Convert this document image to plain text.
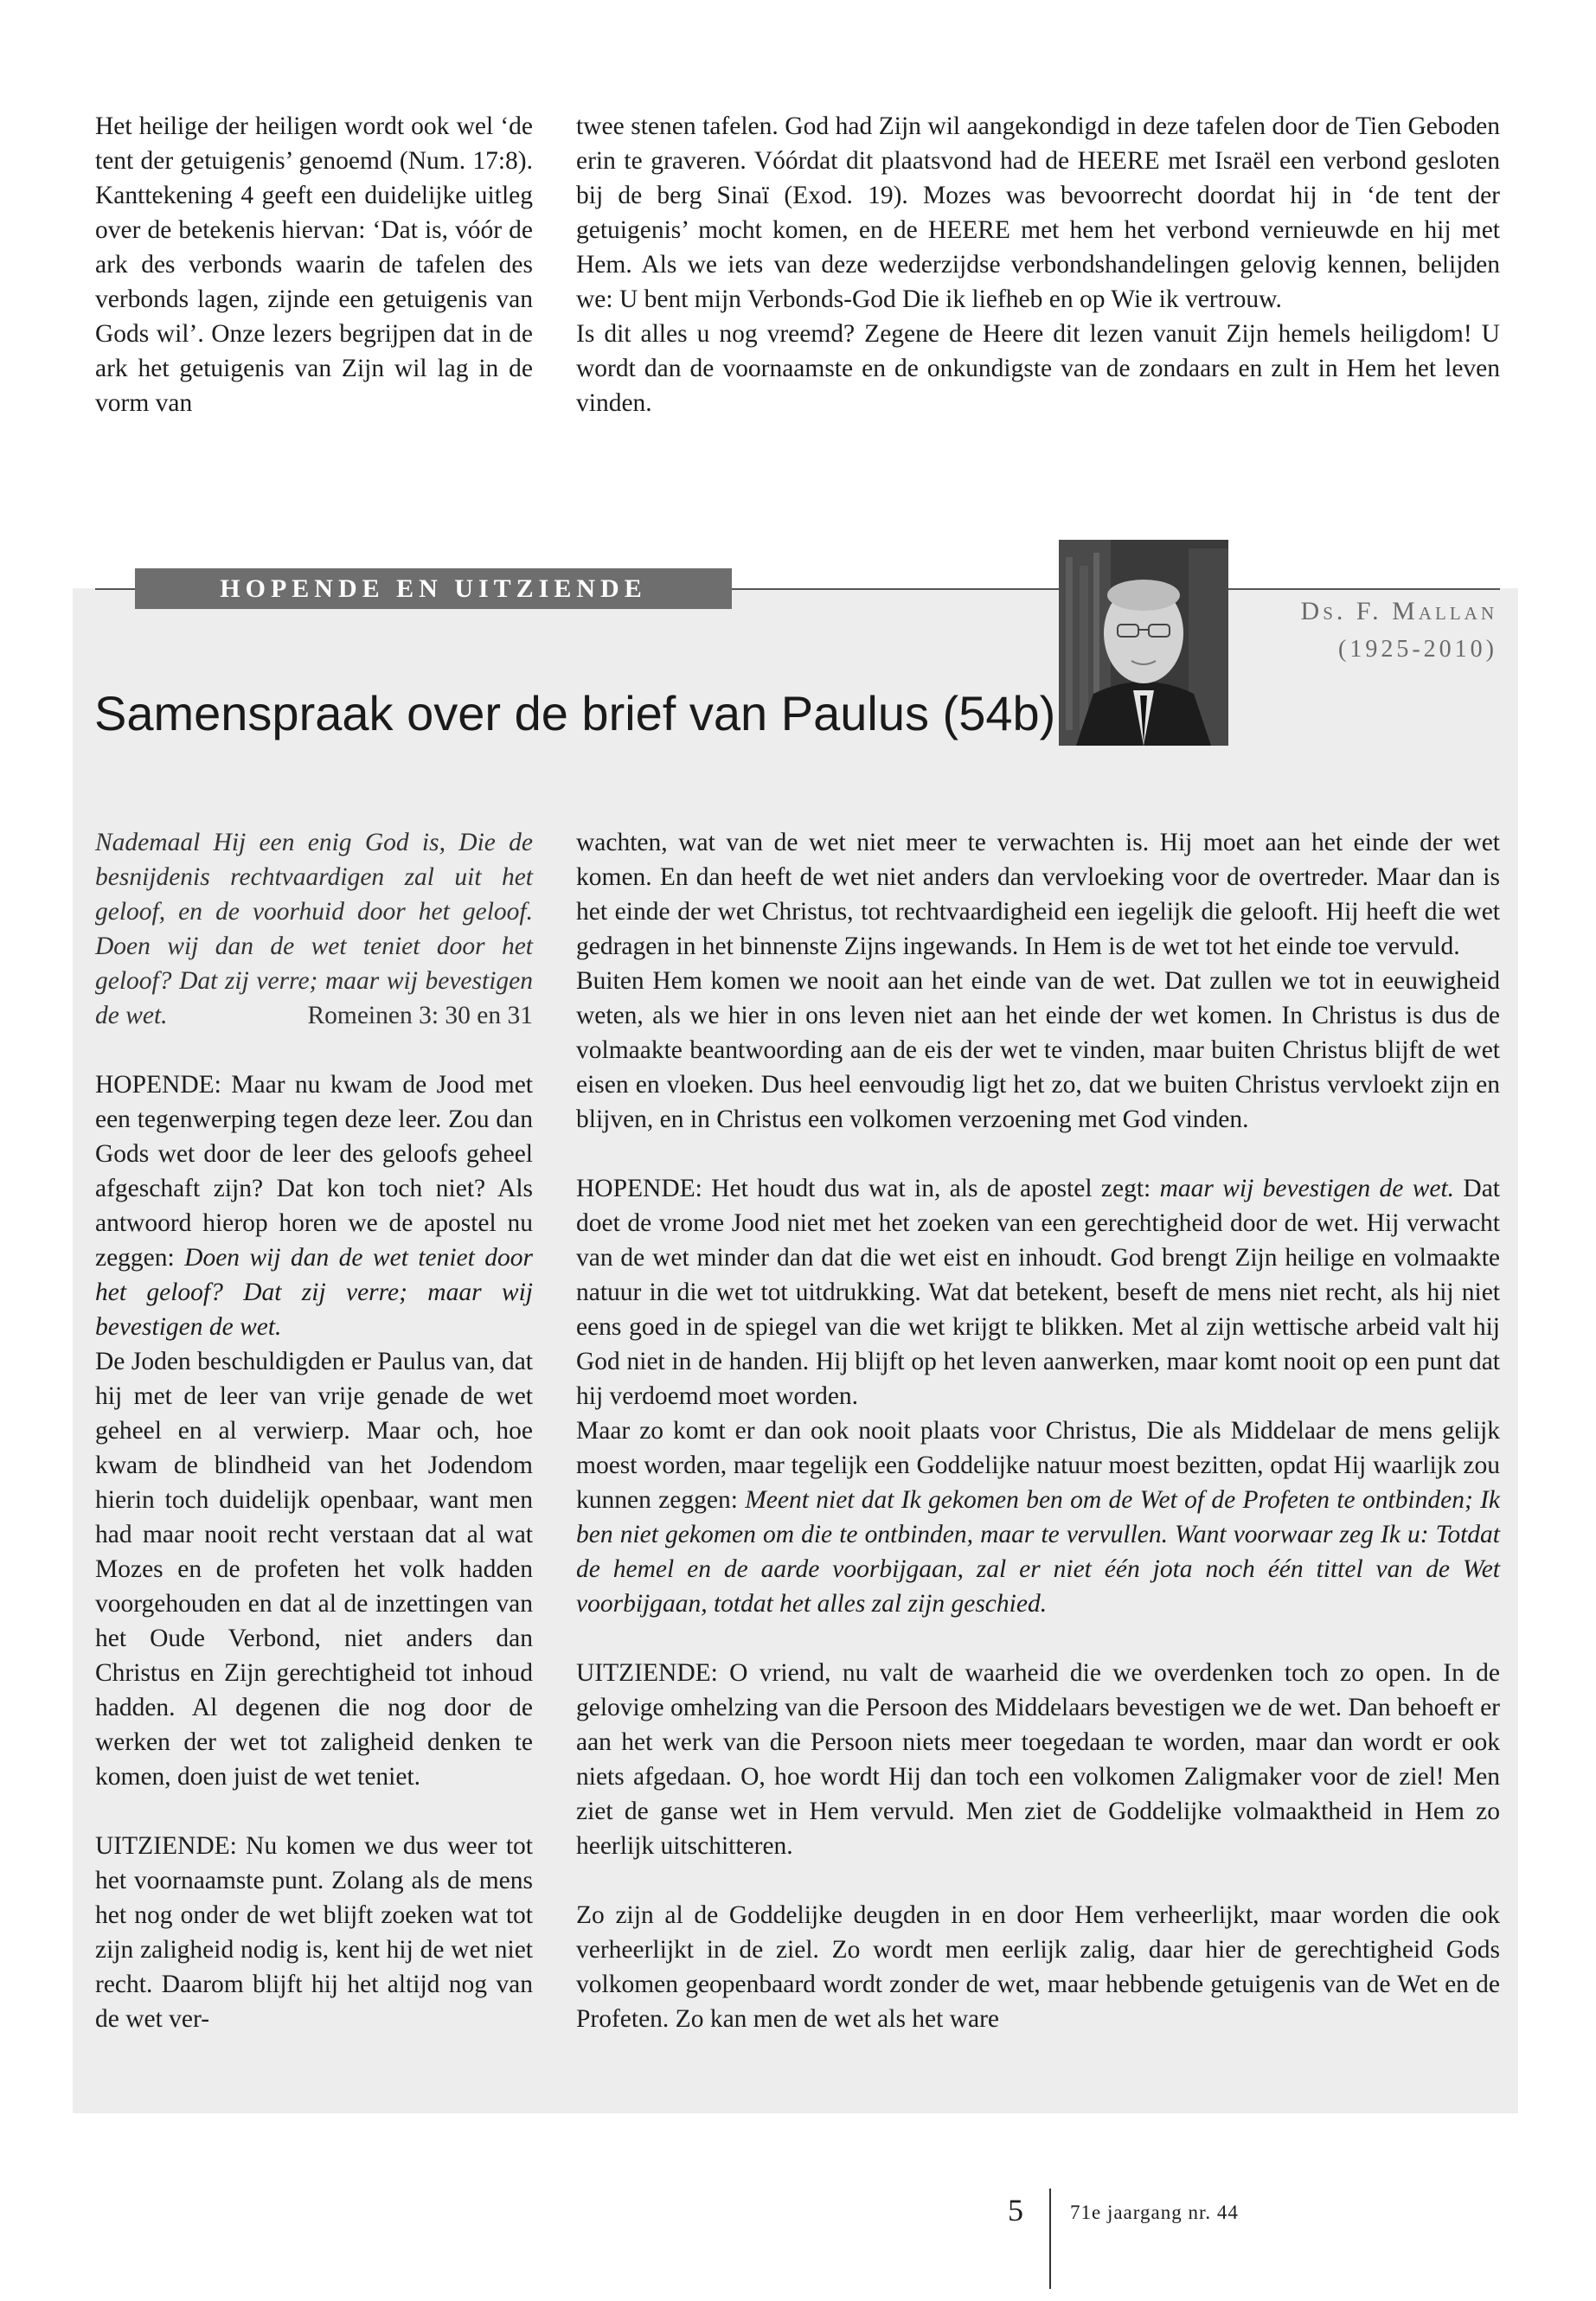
Het heilige der heiligen wordt ook wel ‘de tent der getuigenis’ genoemd (Num. 17:8). Kanttekening 4 geeft een duidelijke uitleg over de betekenis hiervan: ‘Dat is, vóór de ark des verbonds waarin de tafelen des verbonds lagen, zijnde een getuigenis van Gods wil’. Onze lezers begrijpen dat in de ark het getuigenis van Zijn wil lag in de vorm van

twee stenen tafelen. God had Zijn wil aangekondigd in deze tafelen door de Tien Geboden erin te graveren. Vóórdat dit plaatsvond had de HEERE met Israël een verbond gesloten bij de berg Sinaï (Exod. 19). Mozes was bevoorrecht doordat hij in ‘de tent der getuigenis’ mocht komen, en de HEERE met hem het verbond vernieuwde en hij met Hem. Als we iets van deze wederzijdse verbondshandelingen gelovig kennen, belijden we: U bent mijn Verbonds-God Die ik liefheb en op Wie ik vertrouw.

Is dit alles u nog vreemd? Zegene de Heere dit lezen vanuit Zijn hemels heiligdom! U wordt dan de voornaamste en de onkundigste van de zondaars en zult in Hem het leven vinden.

HOPENDE EN UITZIENDE
Ds. F. Mallan
(1925-2010)
Samenspraak over de brief van Paulus (54b)

Nademaal Hij een enig God is, Die de besnijdenis rechtvaardigen zal uit het geloof, en de voorhuid door het geloof. Doen wij dan de wet teniet door het geloof? Dat zij verre; maar wij bevestigen de wet.	Romeinen 3: 30 en 31

HOPENDE: Maar nu kwam de Jood met een tegenwerping tegen deze leer. Zou dan Gods wet door de leer des geloofs geheel afgeschaft zijn? Dat kon toch niet? Als antwoord hierop horen we de apostel nu zeggen: Doen wij dan de wet teniet door het geloof? Dat zij verre; maar wij bevestigen de wet.

De Joden beschuldigden er Paulus van, dat hij met de leer van vrije genade de wet geheel en al verwierp. Maar och, hoe kwam de blindheid van het Jodendom hierin toch duidelijk openbaar, want men had maar nooit recht verstaan dat al wat Mozes en de profeten het volk hadden voorgehouden en dat al de inzettingen van het Oude Verbond, niet anders dan Christus en Zijn gerechtigheid tot inhoud hadden. Al degenen die nog door de werken der wet tot zaligheid denken te komen, doen juist de wet teniet.

UITZIENDE: Nu komen we dus weer tot het voornaamste punt. Zolang als de mens het nog onder de wet blijft zoeken wat tot zijn zaligheid nodig is, kent hij de wet niet recht. Daarom blijft hij het altijd nog van de wet ver-

wachten, wat van de wet niet meer te verwachten is. Hij moet aan het einde der wet komen. En dan heeft de wet niet anders dan vervloeking voor de overtreder. Maar dan is het einde der wet Christus, tot rechtvaardigheid een iegelijk die gelooft. Hij heeft die wet gedragen in het binnenste Zijns ingewands. In Hem is de wet tot het einde toe vervuld.

Buiten Hem komen we nooit aan het einde van de wet. Dat zullen we tot in eeuwigheid weten, als we hier in ons leven niet aan het einde der wet komen. In Christus is dus de volmaakte beantwoording aan de eis der wet te vinden, maar buiten Christus blijft de wet eisen en vloeken. Dus heel eenvoudig ligt het zo, dat we buiten Christus vervloekt zijn en blijven, en in Christus een volkomen verzoening met God vinden.

HOPENDE: Het houdt dus wat in, als de apostel zegt: maar wij bevestigen de wet. Dat doet de vrome Jood niet met het zoeken van een gerechtigheid door de wet. Hij verwacht van de wet minder dan dat die wet eist en inhoudt. God brengt Zijn heilige en volmaakte natuur in die wet tot uitdrukking. Wat dat betekent, beseft de mens niet recht, als hij niet eens goed in de spiegel van die wet krijgt te blikken. Met al zijn wettische arbeid valt hij God niet in de handen. Hij blijft op het leven aanwerken, maar komt nooit op een punt dat hij verdoemd moet worden.

Maar zo komt er dan ook nooit plaats voor Christus, Die als Middelaar de mens gelijk moest worden, maar tegelijk een Goddelijke natuur moest bezitten, opdat Hij waarlijk zou kunnen zeggen: Meent niet dat Ik gekomen ben om de Wet of de Profeten te ontbinden; Ik ben niet gekomen om die te ontbinden, maar te vervullen. Want voorwaar zeg Ik u: Totdat de hemel en de aarde voorbijgaan, zal er niet één jota noch één tittel van de Wet voorbijgaan, totdat het alles zal zijn geschied.

UITZIENDE: O vriend, nu valt de waarheid die we overdenken toch zo open. In de gelovige omhelzing van die Persoon des Middelaars bevestigen we de wet. Dan behoeft er aan het werk van die Persoon niets meer toegedaan te worden, maar dan wordt er ook niets afgedaan. O, hoe wordt Hij dan toch een volkomen Zaligmaker voor de ziel! Men ziet de ganse wet in Hem vervuld. Men ziet de Goddelijke volmaaktheid in Hem zo heerlijk uitschitteren.

Zo zijn al de Goddelijke deugden in en door Hem verheerlijkt, maar worden die ook verheerlijkt in de ziel. Zo wordt men eerlijk zalig, daar hier de gerechtigheid Gods volkomen geopenbaard wordt zonder de wet, maar hebbende getuigenis van de Wet en de Profeten. Zo kan men de wet als het ware

5 71e jaargang nr. 44
